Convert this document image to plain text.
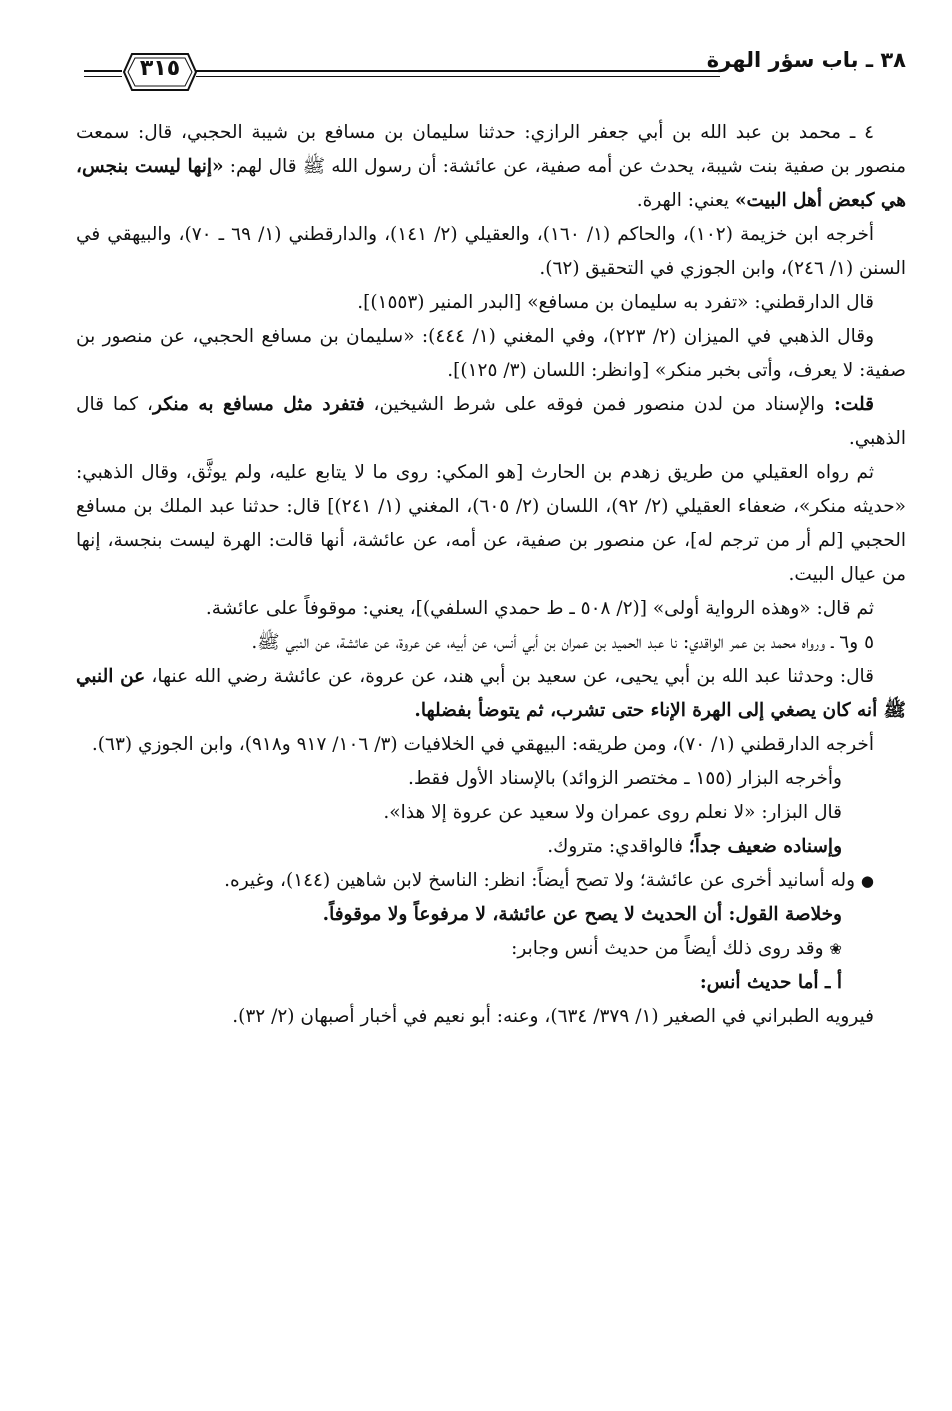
٣٨ ـ باب سؤر الهرة
٣١٥

٤ ـ محمد بن عبد الله بن أبي جعفر الرازي: حدثنا سليمان بن مسافع بن شيبة الحجبي، قال: سمعت منصور بن صفية بنت شيبة، يحدث عن أمه صفية، عن عائشة: أن رسول الله ﷺ قال لهم: «إنها ليست بنجس، هي كبعض أهل البيت» يعني: الهرة.

أخرجه ابن خزيمة (١٠٢)، والحاكم (١/ ١٦٠)، والعقيلي (٢/ ١٤١)، والدارقطني (١/ ٦٩ ـ ٧٠)، والبيهقي في السنن (١/ ٢٤٦)، وابن الجوزي في التحقيق (٦٢).

قال الدارقطني: «تفرد به سليمان بن مسافع» [البدر المنير (١٥٥٣)].

وقال الذهبي في الميزان (٢/ ٢٢٣)، وفي المغني (١/ ٤٤٤): «سليمان بن مسافع الحجبي، عن منصور بن صفية: لا يعرف، وأتى بخبر منكر» [وانظر: اللسان (٣/ ١٢٥)].

قلت: والإسناد من لدن منصور فمن فوقه على شرط الشيخين، فتفرد مثل مسافع به منكر، كما قال الذهبي.

ثم رواه العقيلي من طريق زهدم بن الحارث [هو المكي: روى ما لا يتابع عليه، ولم يوثَّق، وقال الذهبي: «حديثه منكر»، ضعفاء العقيلي (٢/ ٩٢)، اللسان (٢/ ٦٠٥)، المغني (١/ ٢٤١)] قال: حدثنا عبد الملك بن مسافع الحجبي [لم أر من ترجم له]، عن منصور بن صفية، عن أمه، عن عائشة، أنها قالت: الهرة ليست بنجسة، إنها من عيال البيت.

ثم قال: «وهذه الرواية أولى» [(٢/ ٥٠٨ ـ ط حمدي السلفي)]، يعني: موقوفاً على عائشة.

٥ و٦ ـ ورواه محمد بن عمر الواقدي: نا عبد الحميد بن عمران بن أبي أنس، عن أبيه، عن عروة، عن عائشة، عن النبي ﷺ.

قال: وحدثنا عبد الله بن أبي يحيى، عن سعيد بن أبي هند، عن عروة، عن عائشة رضي الله عنها، عن النبي ﷺ أنه كان يصغي إلى الهرة الإناء حتى تشرب، ثم يتوضأ بفضلها.

أخرجه الدارقطني (١/ ٧٠)، ومن طريقه: البيهقي في الخلافيات (٣/ ١٠٦/ ٩١٧ و٩١٨)، وابن الجوزي (٦٣).

وأخرجه البزار (١٥٥ ـ مختصر الزوائد) بالإسناد الأول فقط.

قال البزار: «لا نعلم روى عمران ولا سعيد عن عروة إلا هذا».

وإسناده ضعيف جداً؛ فالواقدي: متروك.

● وله أسانيد أخرى عن عائشة؛ ولا تصح أيضاً: انظر: الناسخ لابن شاهين (١٤٤)، وغيره.

وخلاصة القول: أن الحديث لا يصح عن عائشة، لا مرفوعاً ولا موقوفاً.

❀ وقد روى ذلك أيضاً من حديث أنس وجابر:

أ ـ أما حديث أنس:

فيرويه الطبراني في الصغير (١/ ٣٧٩/ ٦٣٤)، وعنه: أبو نعيم في أخبار أصبهان (٢/ ٣٢).
